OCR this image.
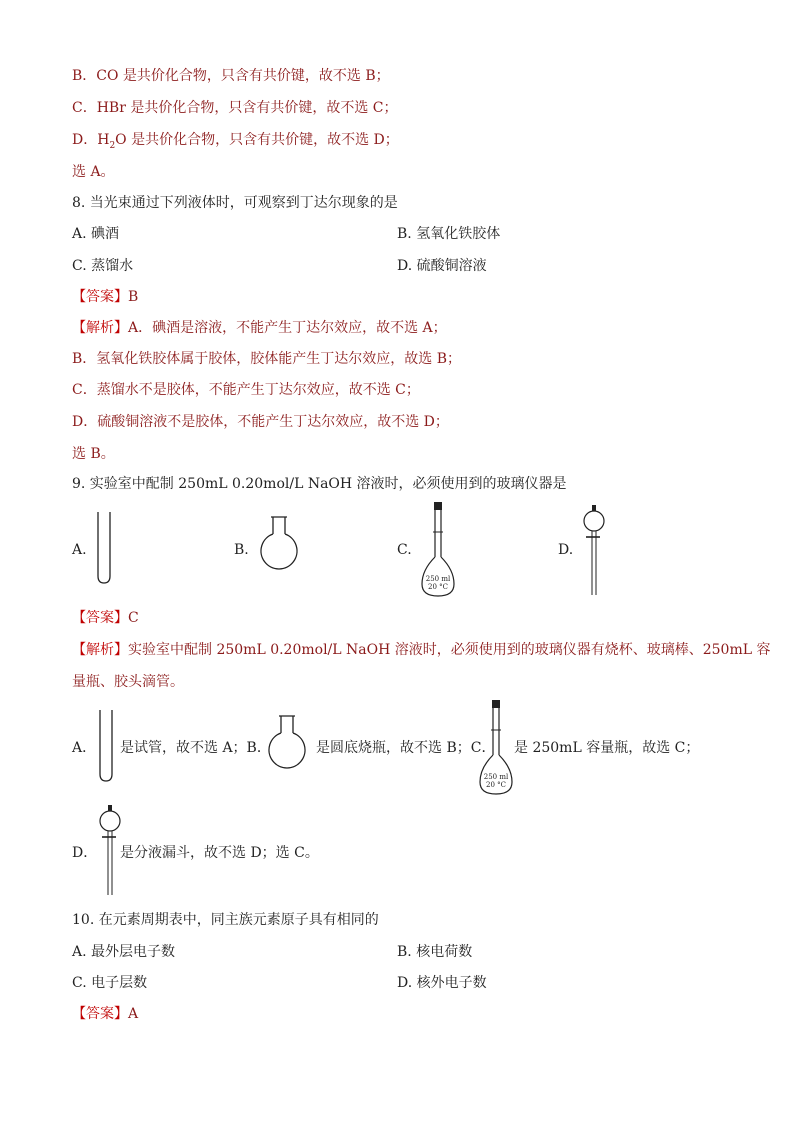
B．CO 是共价化合物，只含有共价键，故不选 B；
C．HBr 是共价化合物，只含有共价键，故不选 C；
D．$H_2O$ 是共价化合物，只含有共价键，故不选 D；
选 A。
8. 当光束通过下列液体时，可观察到丁达尔现象的是
A. 碘酒	B. 氢氧化铁胶体
C. 蒸馏水	D. 硫酸铜溶液
【答案】B
【解析】A．碘酒是溶液，不能产生丁达尔效应，故不选 A；
B．氢氧化铁胶体属于胶体，胶体能产生丁达尔效应，故选 B；
C．蒸馏水不是胶体，不能产生丁达尔效应，故不选 C；
D．硫酸铜溶液不是胶体，不能产生丁达尔效应，故不选 D；
选 B。
9. 实验室中配制 250mL 0.20mol/L NaOH 溶液时，必须使用到的玻璃仪器是
A.	B.	C.
250 ml
20 °C
D.
【答案】C
【解析】实验室中配制 250mL 0.20mol/L NaOH 溶液时，必须使用到的玻璃仪器有烧杯、玻璃棒、250mL 容
量瓶、胶头滴管。
A． 是试管，故不选 A；B．	是圆底烧瓶，故不选 B；C．
250 ml
20 °C
是 250mL 容量瓶，故选 C；
D． 是分液漏斗，故不选 D；选 C。
10. 在元素周期表中，同主族元素原子具有相同的
A. 最外层电子数	B. 核电荷数
C. 电子层数	D. 核外电子数
【答案】A
